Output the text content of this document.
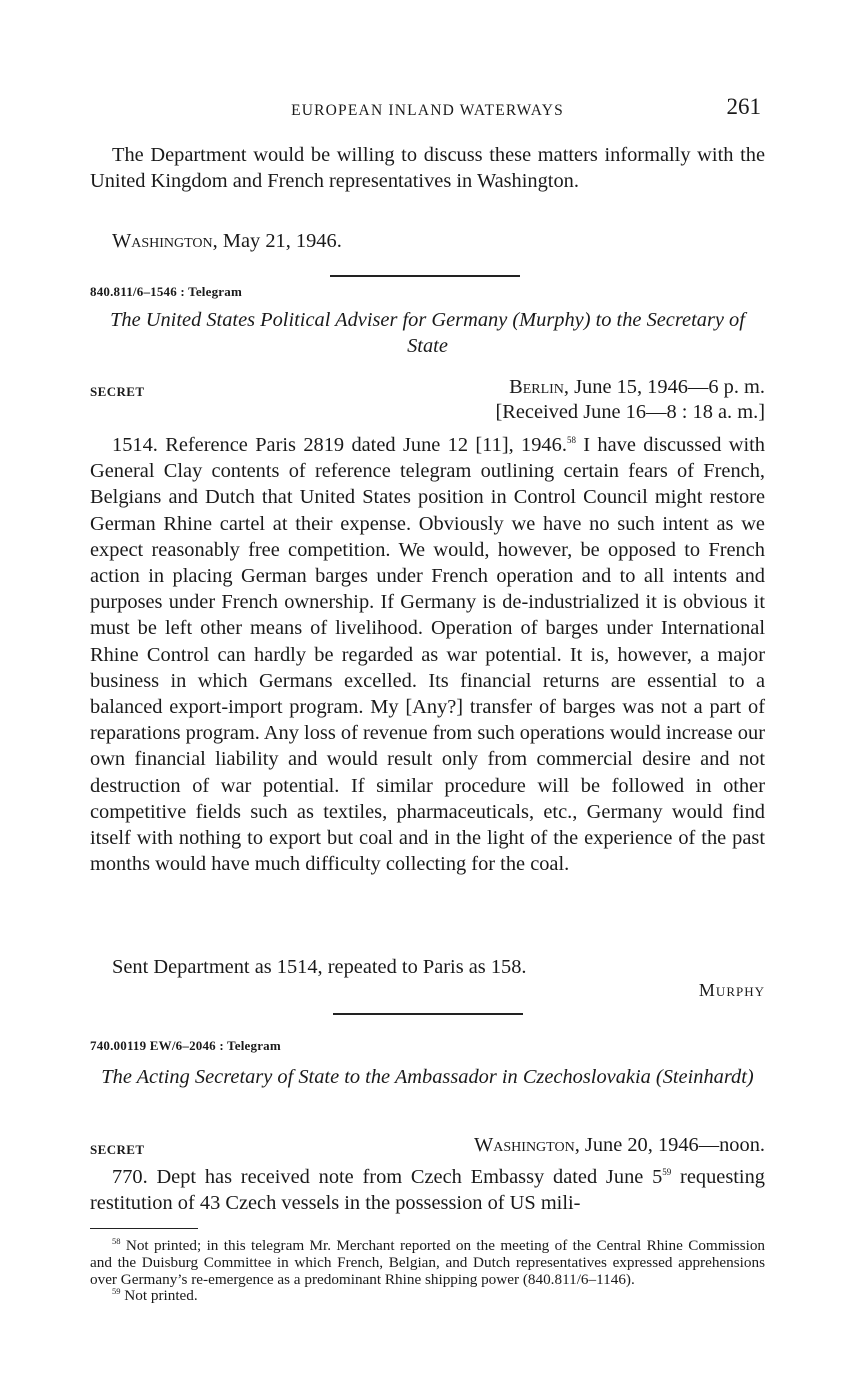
EUROPEAN INLAND WATERWAYS	261

The Department would be willing to discuss these matters informally with the United Kingdom and French representatives in Washington.

Washington, May 21, 1946.

840.811/6–1546 : Telegram

The United States Political Adviser for Germany (Murphy) to the Secretary of State

SECRET	Berlin, June 15, 1946—6 p. m.
[Received June 16—8 : 18 a. m.]

1514. Reference Paris 2819 dated June 12 [11], 1946.58 I have discussed with General Clay contents of reference telegram outlining certain fears of French, Belgians and Dutch that United States position in Control Council might restore German Rhine cartel at their expense. Obviously we have no such intent as we expect reasonably free competition. We would, however, be opposed to French action in placing German barges under French operation and to all intents and purposes under French ownership. If Germany is de-industrialized it is obvious it must be left other means of livelihood. Operation of barges under International Rhine Control can hardly be regarded as war potential. It is, however, a major business in which Germans excelled. Its financial returns are essential to a balanced export-import program. My [Any?] transfer of barges was not a part of reparations program. Any loss of revenue from such operations would increase our own financial liability and would result only from commercial desire and not destruction of war potential. If similar procedure will be followed in other competitive fields such as textiles, pharmaceuticals, etc., Germany would find itself with nothing to export but coal and in the light of the experience of the past months would have much difficulty collecting for the coal.

Sent Department as 1514, repeated to Paris as 158.

Murphy
740.00119 EW/6–2046 : Telegram

The Acting Secretary of State to the Ambassador in Czechoslovakia (Steinhardt)

SECRET	Washington, June 20, 1946—noon.

770. Dept has received note from Czech Embassy dated June $5^{59}$ requesting restitution of 43 Czech vessels in the possession of US mili-

$^{58}$ Not printed; in this telegram Mr. Merchant reported on the meeting of the Central Rhine Commission and the Duisburg Committee in which French, Belgian, and Dutch representatives expressed apprehensions over Germany’s re-emergence as a predominant Rhine shipping power (840.811/6–1146).

$^{59}$ Not printed.
